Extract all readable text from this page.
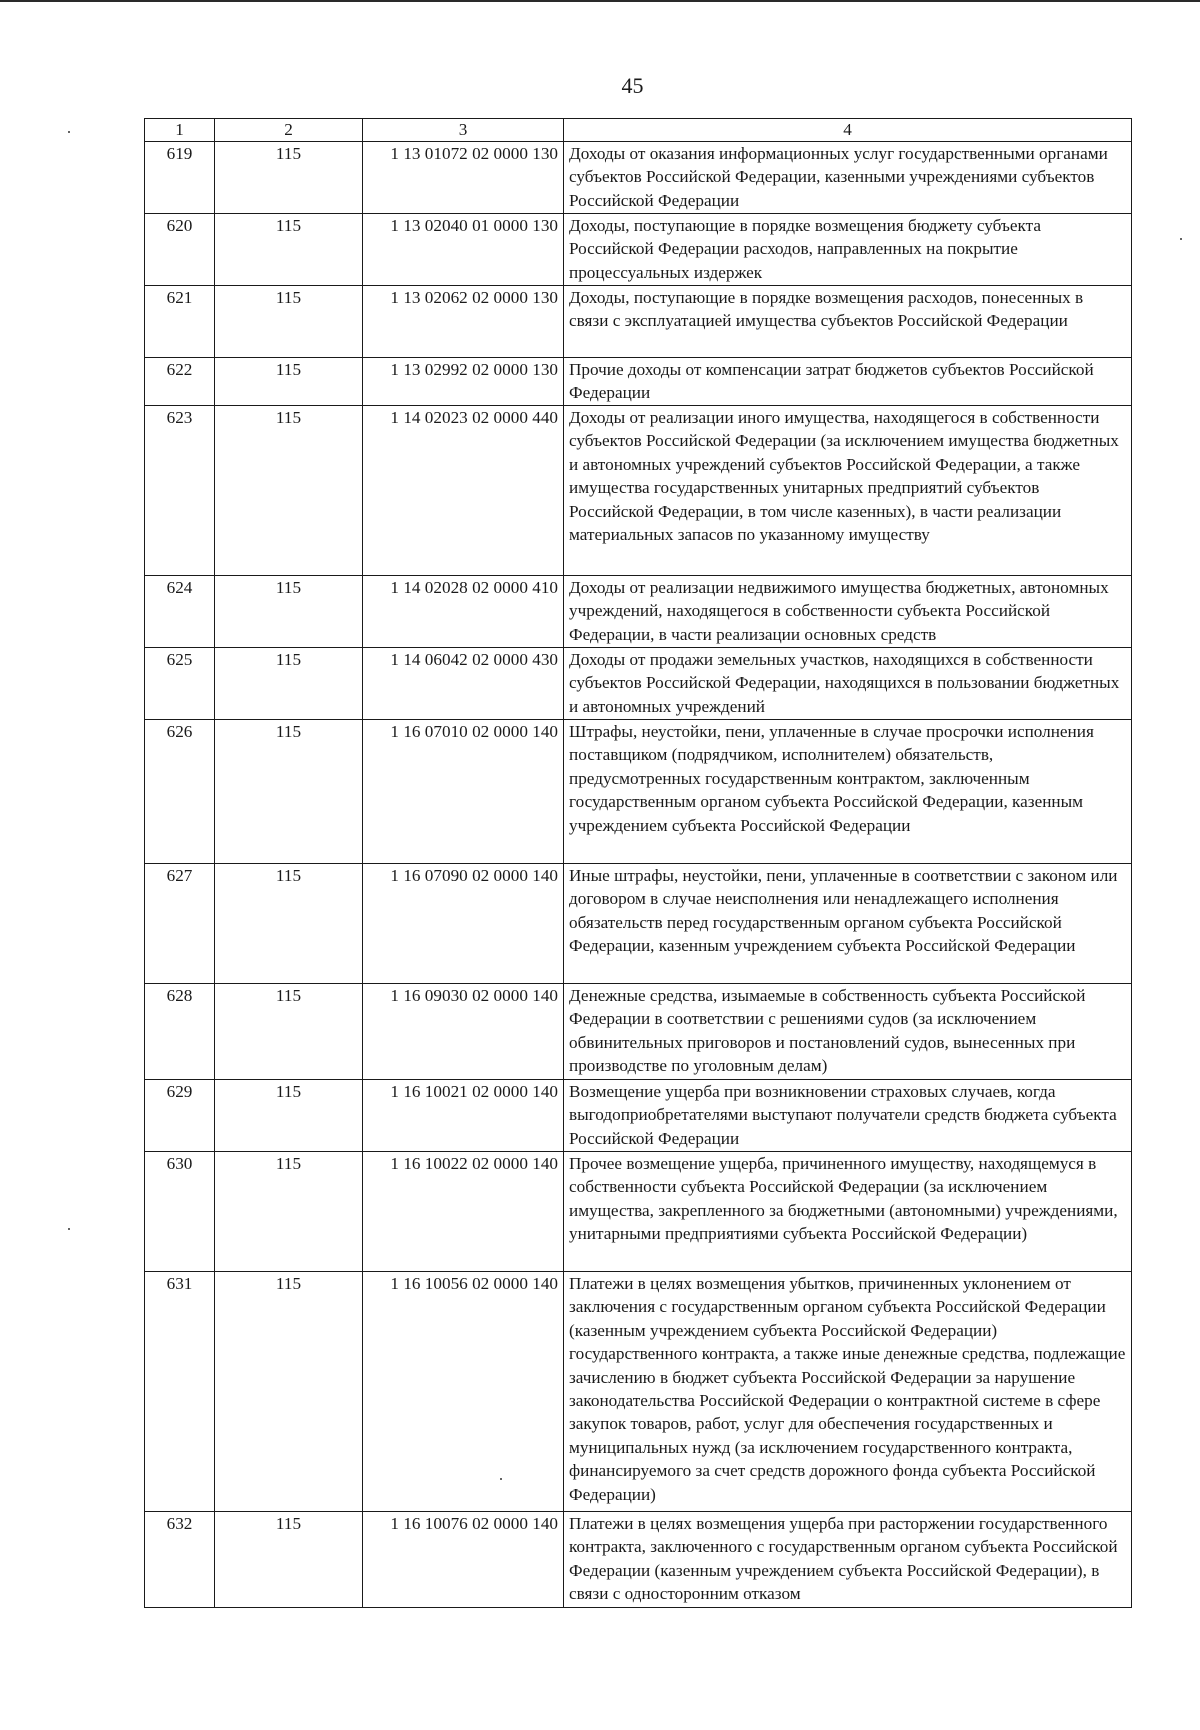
45
1	2	3	4
619	115	1 13 01072 02 0000 130	Доходы от оказания информационных услуг государственными органами субъектов Российской Федерации, казенными учреждениями субъектов Российской Федерации
620	115	1 13 02040 01 0000 130	Доходы, поступающие в порядке возмещения бюджету субъекта Российской Федерации расходов, направленных на покрытие процессуальных издержек
621	115	1 13 02062 02 0000 130	Доходы, поступающие в порядке возмещения расходов, понесенных в связи с эксплуатацией имущества субъектов Российской Федерации
622	115	1 13 02992 02 0000 130	Прочие доходы от компенсации затрат бюджетов субъектов Российской Федерации
623	115	1 14 02023 02 0000 440	Доходы от реализации иного имущества, находящегося в собственности субъектов Российской Федерации (за исключением имущества бюджетных и автономных учреждений субъектов Российской Федерации, а также имущества государственных унитарных предприятий субъектов Российской Федерации, в том числе казенных), в части реализации материальных запасов по указанному имуществу
624	115	1 14 02028 02 0000 410	Доходы от реализации недвижимого имущества бюджетных, автономных учреждений, находящегося в собственности субъекта Российской Федерации, в части реализации основных средств
625	115	1 14 06042 02 0000 430	Доходы от продажи земельных участков, находящихся в собственности субъектов Российской Федерации, находящихся в пользовании бюджетных и автономных учреждений
626	115	1 16 07010 02 0000 140	Штрафы, неустойки, пени, уплаченные в случае просрочки исполнения поставщиком (подрядчиком, исполнителем) обязательств, предусмотренных государственным контрактом, заключенным государственным органом субъекта Российской Федерации, казенным учреждением субъекта Российской Федерации
627	115	1 16 07090 02 0000 140	Иные штрафы, неустойки, пени, уплаченные в соответствии с законом или договором в случае неисполнения или ненадлежащего исполнения обязательств перед государственным органом субъекта Российской Федерации, казенным учреждением субъекта Российской Федерации
628	115	1 16 09030 02 0000 140	Денежные средства, изымаемые в собственность субъекта Российской Федерации в соответствии с решениями судов (за исключением обвинительных приговоров и постановлений судов, вынесенных при производстве по уголовным делам)
629	115	1 16 10021 02 0000 140	Возмещение ущерба при возникновении страховых случаев, когда выгодоприобретателями выступают получатели средств бюджета субъекта Российской Федерации
630	115	1 16 10022 02 0000 140	Прочее возмещение ущерба, причиненного имуществу, находящемуся в собственности субъекта Российской Федерации (за исключением имущества, закрепленного за бюджетными (автономными) учреждениями, унитарными предприятиями субъекта Российской Федерации)
631	115	1 16 10056 02 0000 140	Платежи в целях возмещения убытков, причиненных уклонением от заключения с государственным органом субъекта Российской Федерации (казенным учреждением субъекта Российской Федерации) государственного контракта, а также иные денежные средства, подлежащие зачислению в бюджет субъекта Российской Федерации за нарушение законодательства Российской Федерации о контрактной системе в сфере закупок товаров, работ, услуг для обеспечения государственных и муниципальных нужд (за исключением государственного контракта, финансируемого за счет средств дорожного фонда субъекта Российской Федерации)
632	115	1 16 10076 02 0000 140	Платежи в целях возмещения ущерба при расторжении государственного контракта, заключенного с государственным органом субъекта Российской Федерации (казенным учреждением субъекта Российской Федерации), в связи с односторонним отказом
